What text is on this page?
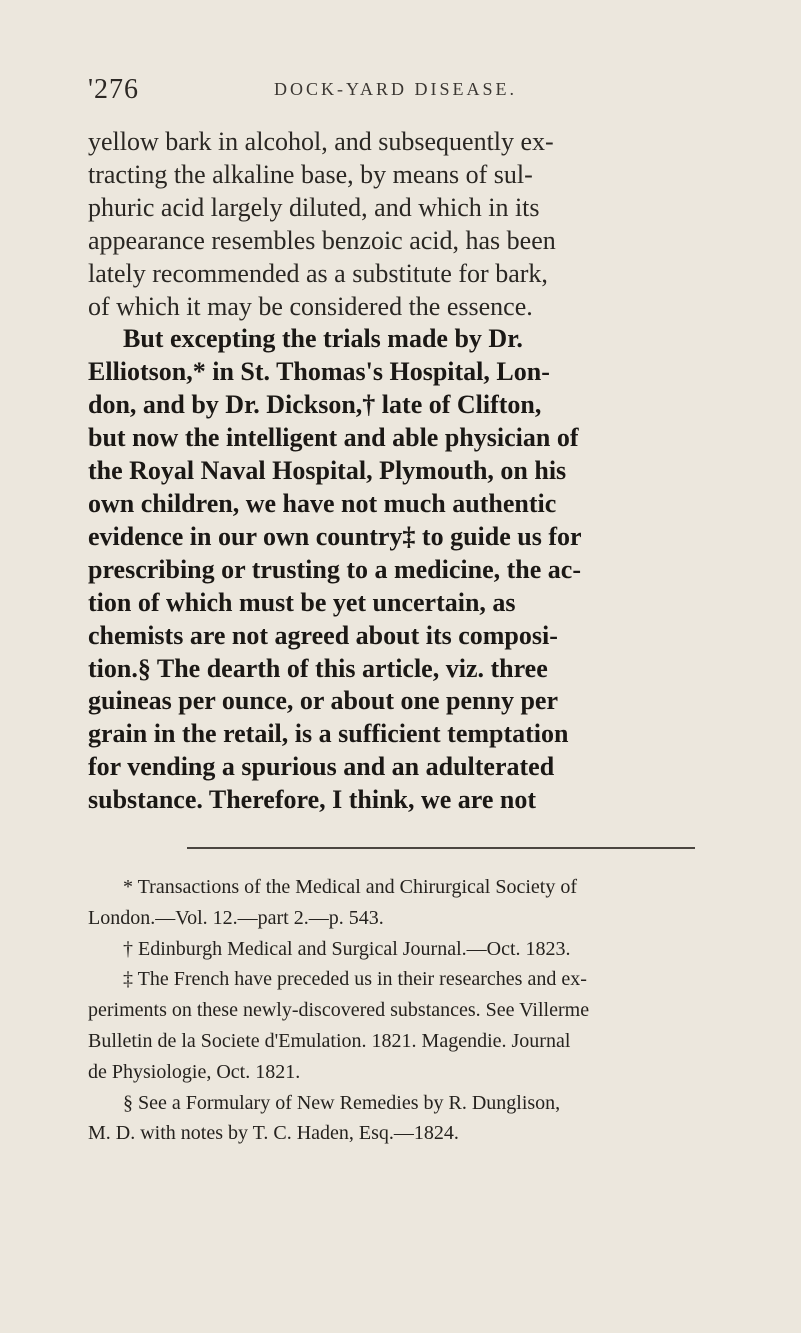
'276	DOCK-YARD DISEASE.
yellow bark in alcohol, and subsequently ex-
tracting the alkaline base, by means of sul-
phuric acid largely diluted, and which in its
appearance resembles benzoic acid, has been
lately recommended as a substitute for bark,
of which it may be considered the essence.
But excepting the trials made by Dr.
Elliotson,* in St. Thomas's Hospital, Lon-
don, and by Dr. Dickson,† late of Clifton,
but now the intelligent and able physician of
the Royal Naval Hospital, Plymouth, on his
own children, we have not much authentic
evidence in our own country‡ to guide us for
prescribing or trusting to a medicine, the ac-
tion of which must be yet uncertain, as
chemists are not agreed about its composi-
tion.§ The dearth of this article, viz. three
guineas per ounce, or about one penny per
grain in the retail, is a sufficient temptation
for vending a spurious and an adulterated
substance. Therefore, I think, we are not
* Transactions of the Medical and Chirurgical Society of
London.—Vol. 12.—part 2.—p. 543.
† Edinburgh Medical and Surgical Journal.—Oct. 1823.
‡ The French have preceded us in their researches and ex-
periments on these newly-discovered substances. See Villerme
Bulletin de la Societe d'Emulation. 1821. Magendie. Journal
de Physiologie, Oct. 1821.
§ See a Formulary of New Remedies by R. Dunglison,
M. D. with notes by T. C. Haden, Esq.—1824.
